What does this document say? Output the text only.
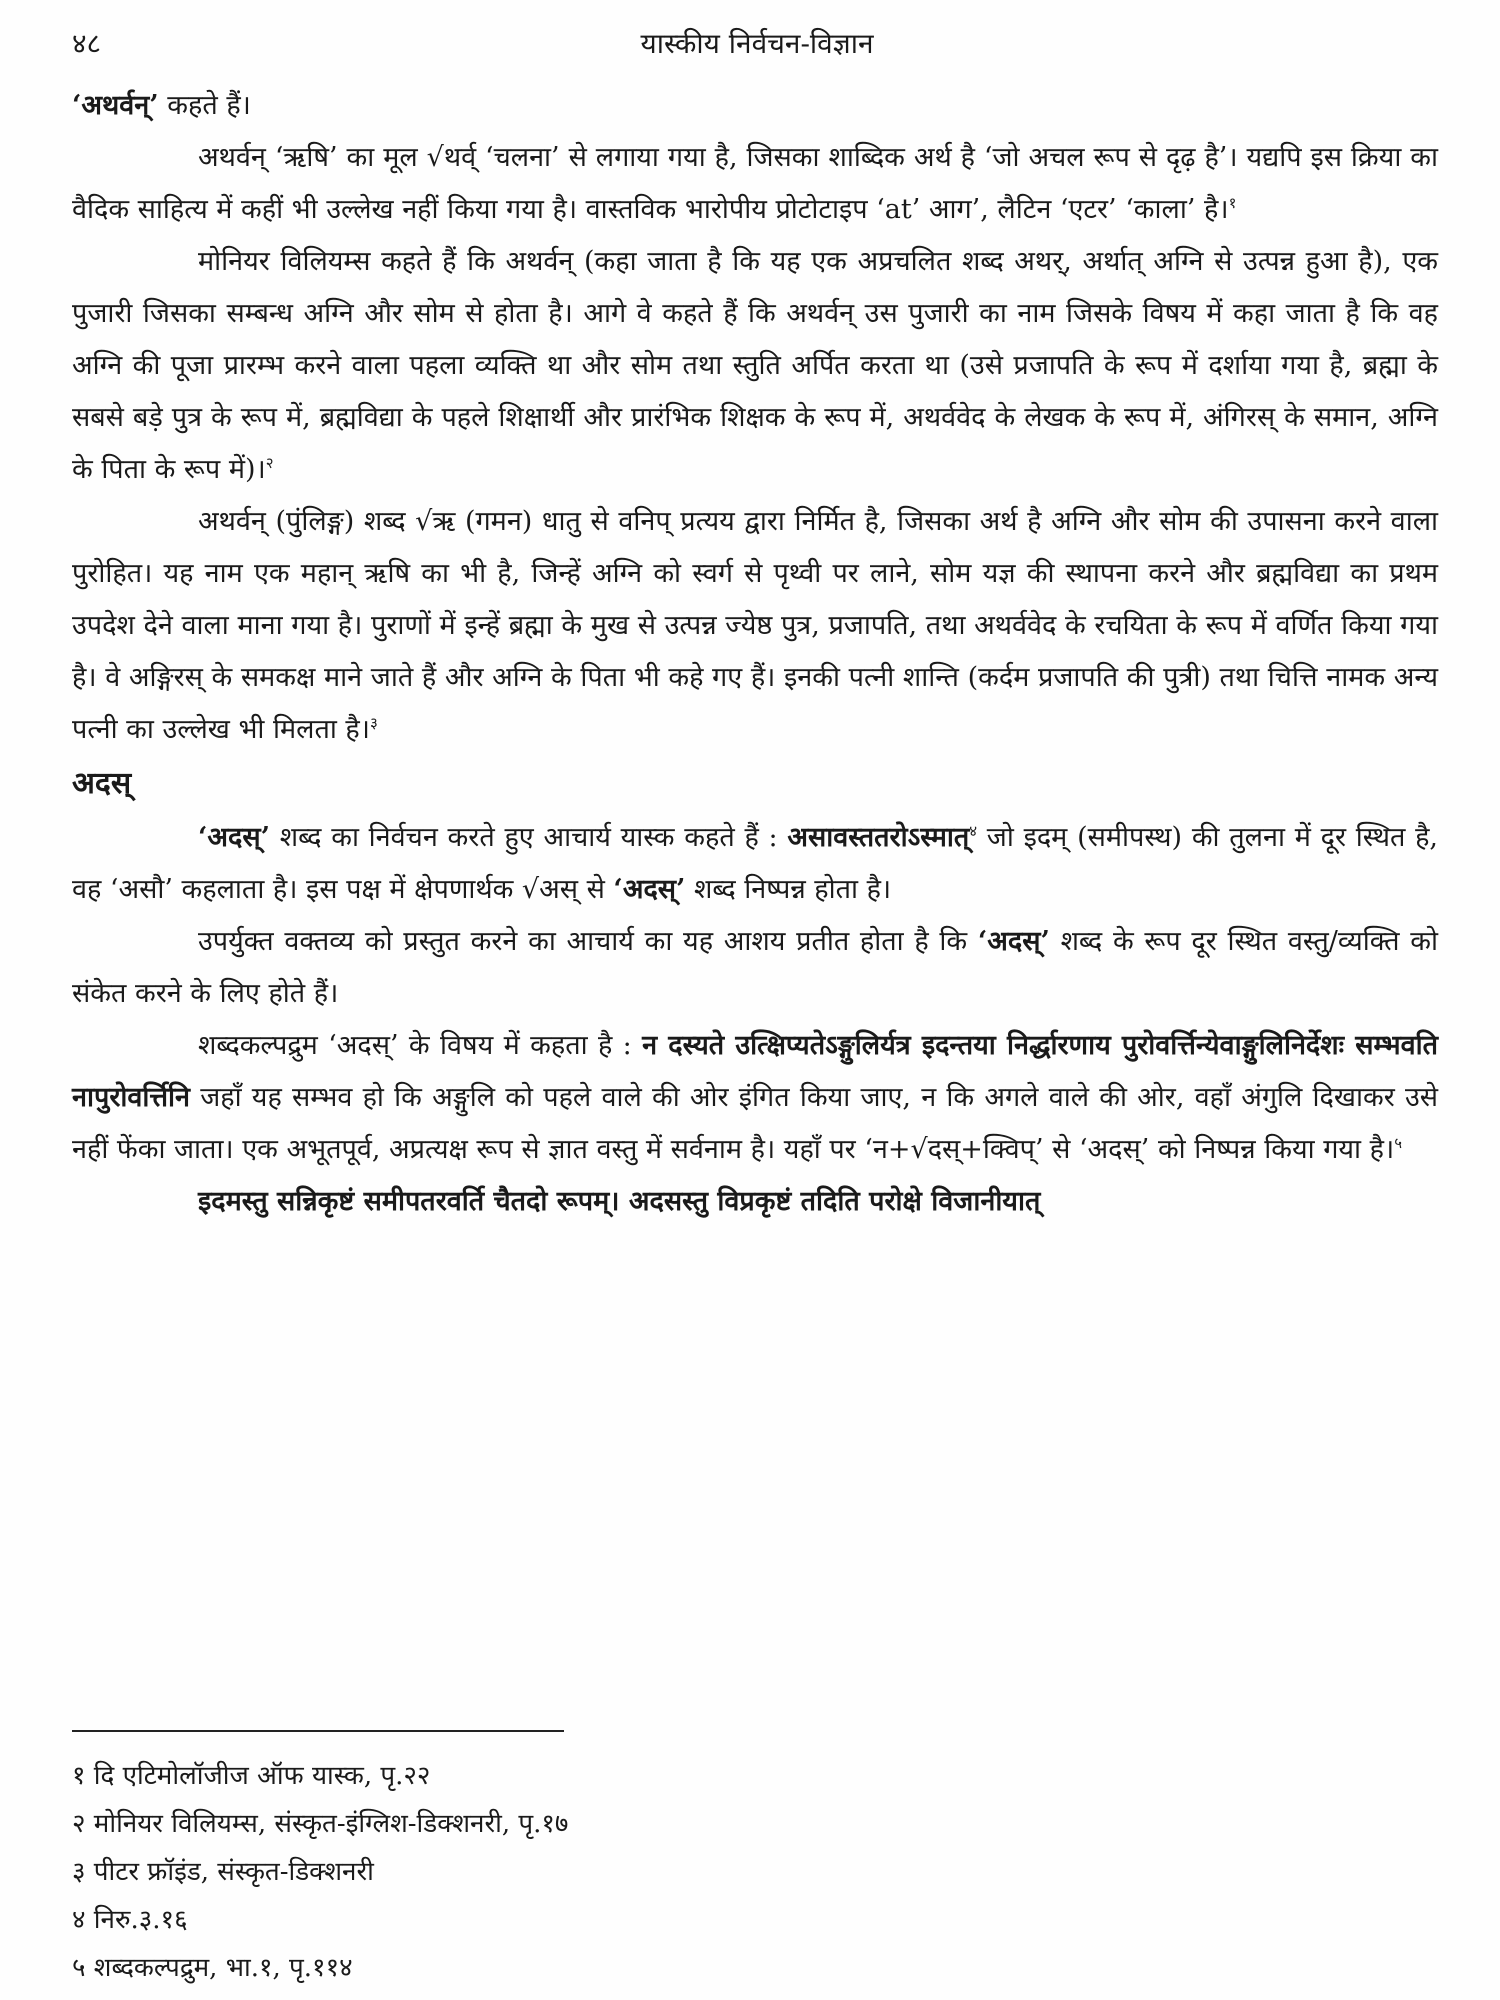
४८	यास्कीय निर्वचन-विज्ञान

‘अथर्वन्’ कहते हैं।

अथर्वन् ‘ऋषि’ का मूल √थर्व् ‘चलना’ से लगाया गया है, जिसका शाब्दिक अर्थ है ‘जो अचल रूप से दृढ़ है’। यद्यपि इस क्रिया का वैदिक साहित्य में कहीं भी उल्लेख नहीं किया गया है। वास्तविक भारोपीय प्रोटोटाइप ‘at’ आग’, लैटिन ‘एटर’ ‘काला’ है।$^१$

मोनियर विलियम्स कहते हैं कि अथर्वन् (कहा जाता है कि यह एक अप्रचलित शब्द अथर्, अर्थात् अग्नि से उत्पन्न हुआ है), एक पुजारी जिसका सम्बन्ध अग्नि और सोम से होता है। आगे वे कहते हैं कि अथर्वन् उस पुजारी का नाम जिसके विषय में कहा जाता है कि वह अग्नि की पूजा प्रारम्भ करने वाला पहला व्यक्ति था और सोम तथा स्तुति अर्पित करता था (उसे प्रजापति के रूप में दर्शाया गया है, ब्रह्मा के सबसे बड़े पुत्र के रूप में, ब्रह्मविद्या के पहले शिक्षार्थी और प्रारंभिक शिक्षक के रूप में, अथर्ववेद के लेखक के रूप में, अंगिरस् के समान, अग्नि के पिता के रूप में)।$^२$

अथर्वन् (पुंलिङ्ग) शब्द √ऋ (गमन) धातु से वनिप् प्रत्यय द्वारा निर्मित है, जिसका अर्थ है अग्नि और सोम की उपासना करने वाला पुरोहित। यह नाम एक महान् ऋषि का भी है, जिन्हें अग्नि को स्वर्ग से पृथ्वी पर लाने, सोम यज्ञ की स्थापना करने और ब्रह्मविद्या का प्रथम उपदेश देने वाला माना गया है। पुराणों में इन्हें ब्रह्मा के मुख से उत्पन्न ज्येष्ठ पुत्र, प्रजापति, तथा अथर्ववेद के रचयिता के रूप में वर्णित किया गया है। वे अङ्गिरस् के समकक्ष माने जाते हैं और अग्नि के पिता भी कहे गए हैं। इनकी पत्नी शान्ति (कर्दम प्रजापति की पुत्री) तथा चित्ति नामक अन्य पत्नी का उल्लेख भी मिलता है।$^३$

अदस्

‘अदस्’ शब्द का निर्वचन करते हुए आचार्य यास्क कहते हैं : असावस्ततरोऽस्मात्$^४$ जो इदम् (समीपस्थ) की तुलना में दूर स्थित है, वह ‘असौ’ कहलाता है। इस पक्ष में क्षेपणार्थक √अस् से ‘अदस्’ शब्द निष्पन्न होता है।

उपर्युक्त वक्तव्य को प्रस्तुत करने का आचार्य का यह आशय प्रतीत होता है कि ‘अदस्’ शब्द के रूप दूर स्थित वस्तु/व्यक्ति को संकेत करने के लिए होते हैं।

शब्दकल्पद्रुम ‘अदस्’ के विषय में कहता है : न दस्यते उत्क्षिप्यतेऽङ्गुलिर्यत्र इदन्तया निर्द्धारणाय पुरोवर्त्तिन्येवाङ्गुलिनिर्देशः सम्भवति नापुरोवर्त्तिनि जहाँ यह सम्भव हो कि अङ्गुलि को पहले वाले की ओर इंगित किया जाए, न कि अगले वाले की ओर, वहाँ अंगुलि दिखाकर उसे नहीं फेंका जाता। एक अभूतपूर्व, अप्रत्यक्ष रूप से ज्ञात वस्तु में सर्वनाम है। यहाँ पर ‘न+√दस्+क्विप्’ से ‘अदस्’ को निष्पन्न किया गया है।$^५$

इदमस्तु सन्निकृष्टं समीपतरवर्ति चैतदो रूपम्। अदसस्तु विप्रकृष्टं तदिति परोक्षे विजानीयात्

१ दि एटिमोलॉजीज ऑफ यास्क, पृ.२२
२ मोनियर विलियम्स, संस्कृत-इंग्लिश-डिक्शनरी, पृ.१७
३ पीटर फ्रॉइंड, संस्कृत-डिक्शनरी
४ निरु.३.१६
५ शब्दकल्पद्रुम, भा.१, पृ.११४
